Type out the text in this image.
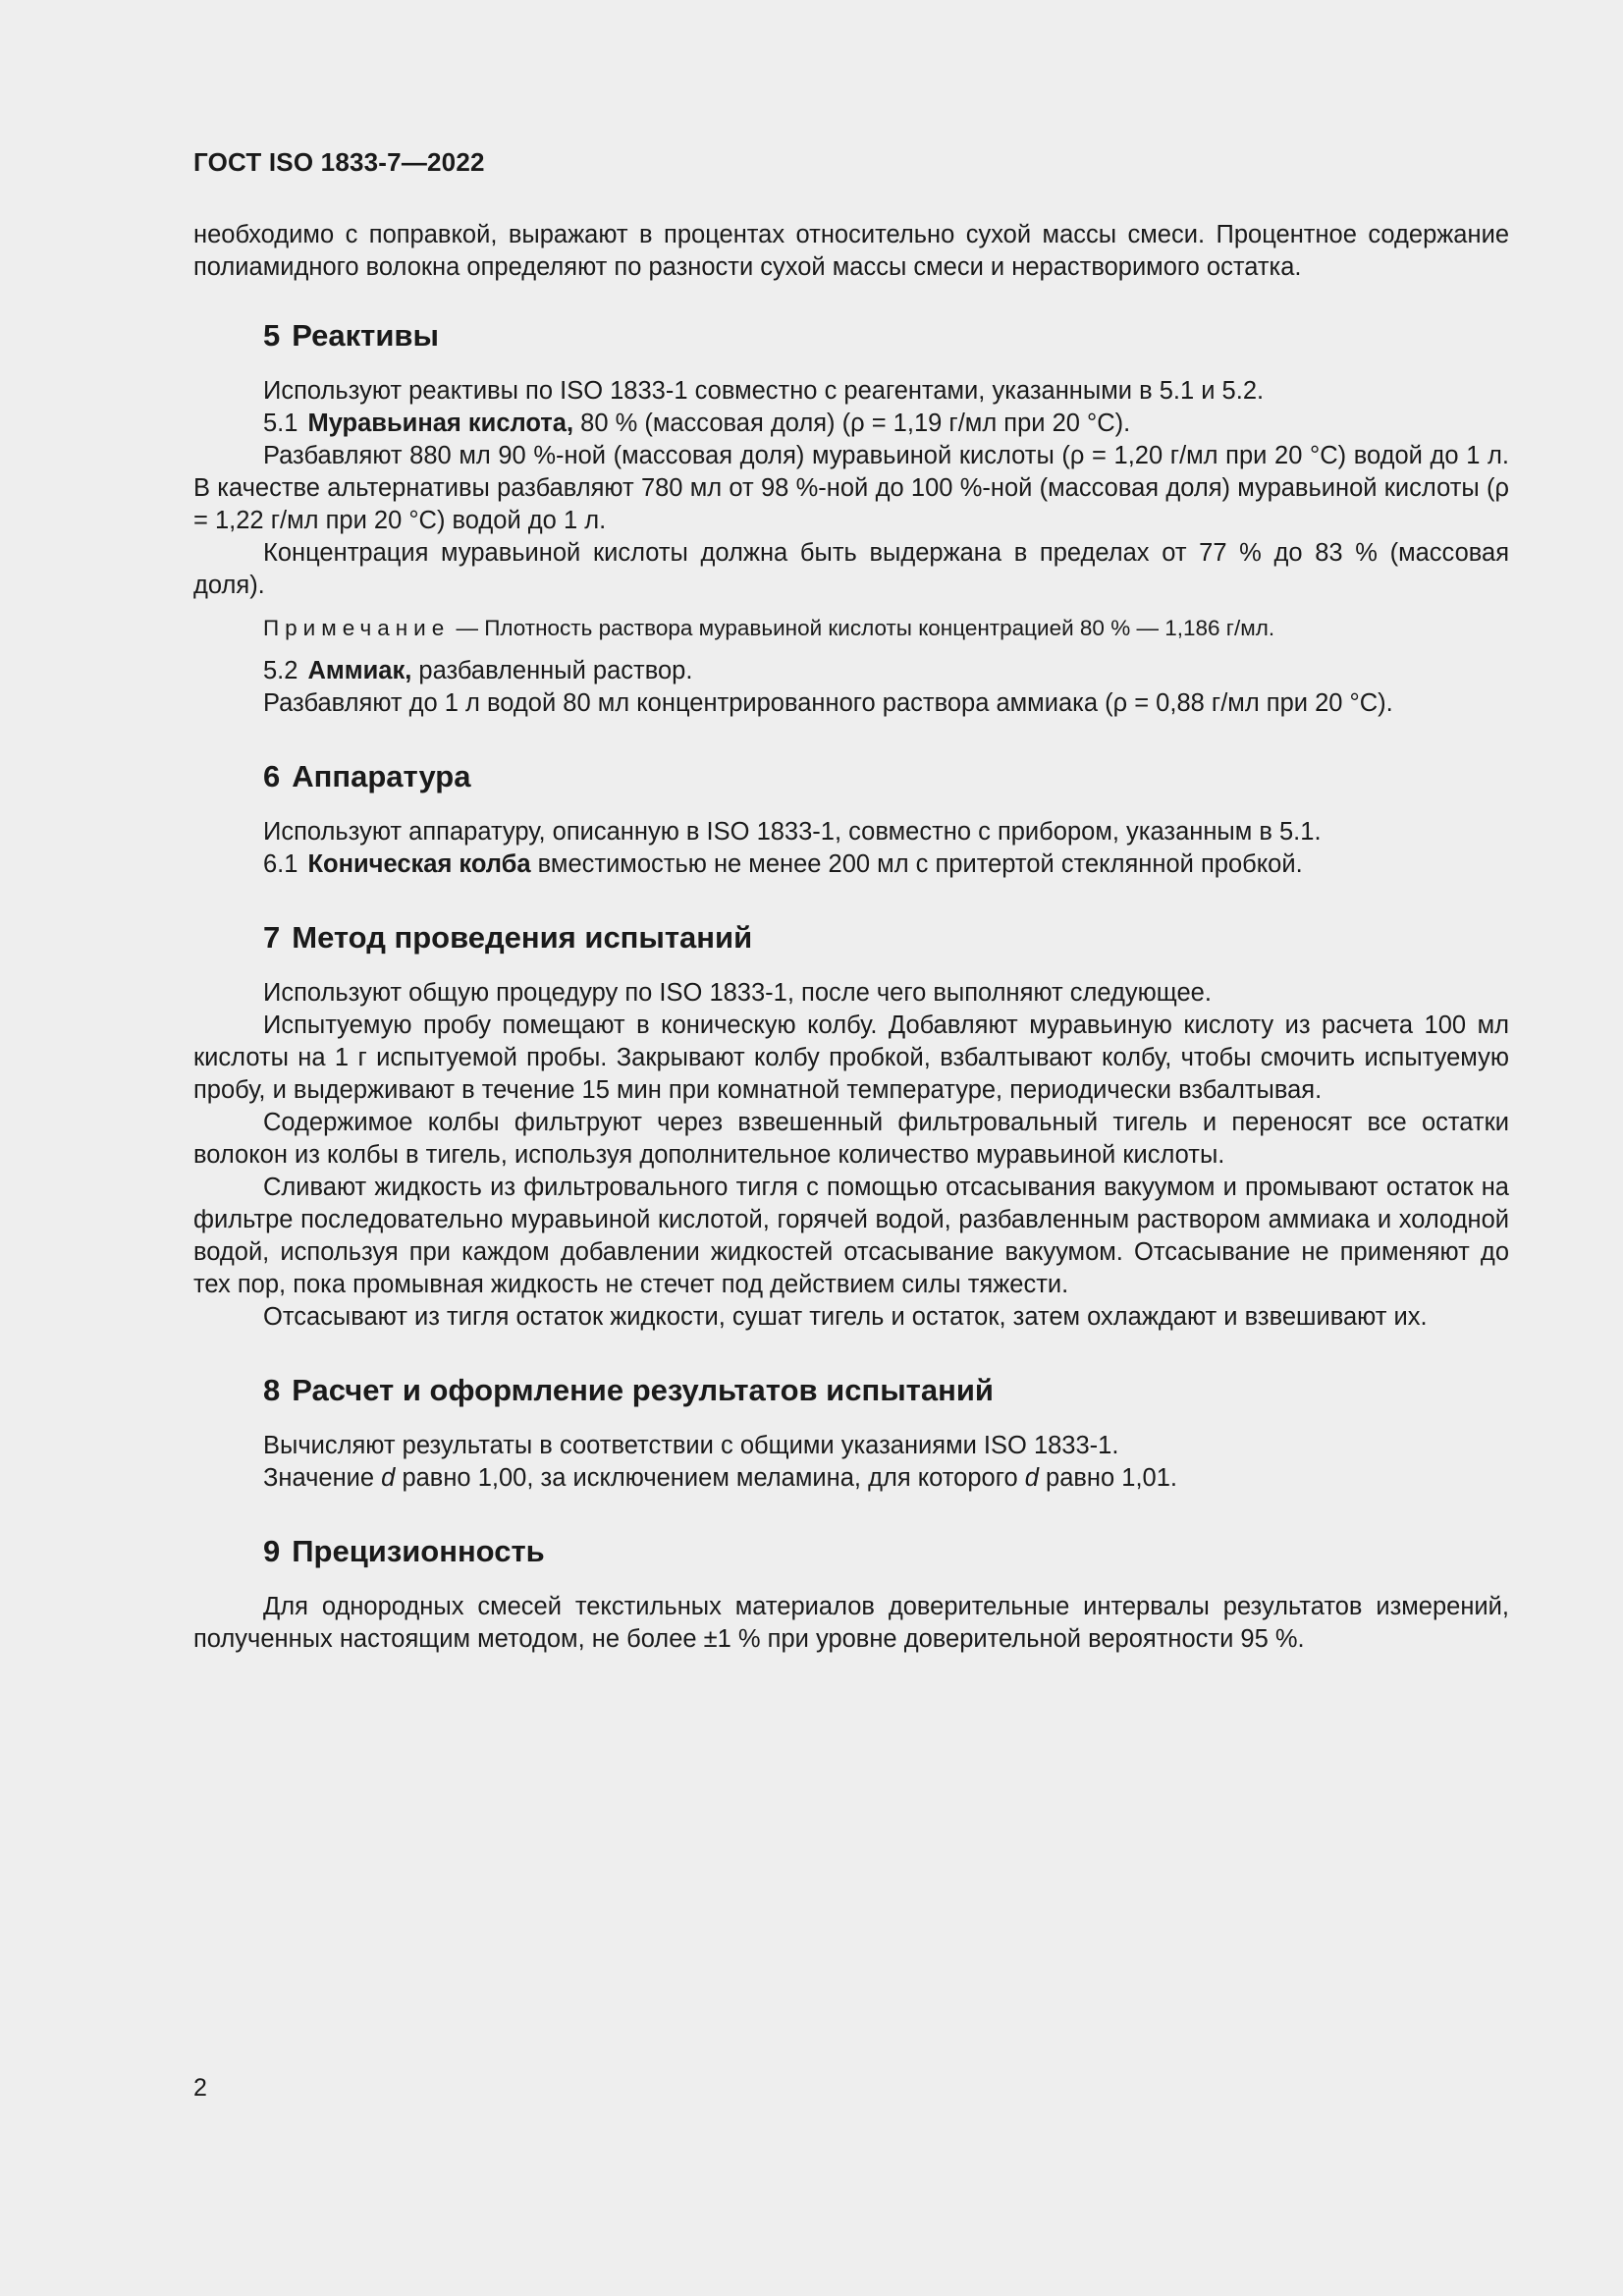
ГОСТ ISO 1833-7—2022

необходимо с поправкой, выражают в процентах относительно сухой массы смеси. Процентное содержание полиамидного волокна определяют по разности сухой массы смеси и нерастворимого остатка.

5 Реактивы

Используют реактивы по ISO 1833-1 совместно с реагентами, указанными в 5.1 и 5.2.

5.1 Муравьиная кислота, 80 % (массовая доля) (ρ = 1,19 г/мл при 20 °С).

Разбавляют 880 мл 90 %-ной (массовая доля) муравьиной кислоты (ρ = 1,20 г/мл при 20 °С) водой до 1 л. В качестве альтернативы разбавляют 780 мл от 98 %-ной до 100 %-ной (массовая доля) муравьиной кислоты (ρ = 1,22 г/мл при 20 °С) водой до 1 л.

Концентрация муравьиной кислоты должна быть выдержана в пределах от 77 % до 83 % (массовая доля).

Примечание — Плотность раствора муравьиной кислоты концентрацией 80 % — 1,186 г/мл.

5.2 Аммиак, разбавленный раствор.

Разбавляют до 1 л водой 80 мл концентрированного раствора аммиака (ρ = 0,88 г/мл при 20 °С).

6 Аппаратура

Используют аппаратуру, описанную в ISO 1833-1, совместно с прибором, указанным в 5.1.

6.1 Коническая колба вместимостью не менее 200 мл с притертой стеклянной пробкой.

7 Метод проведения испытаний

Используют общую процедуру по ISO 1833-1, после чего выполняют следующее.

Испытуемую пробу помещают в коническую колбу. Добавляют муравьиную кислоту из расчета 100 мл кислоты на 1 г испытуемой пробы. Закрывают колбу пробкой, взбалтывают колбу, чтобы смочить испытуемую пробу, и выдерживают в течение 15 мин при комнатной температуре, периодически взбалтывая.

Содержимое колбы фильтруют через взвешенный фильтровальный тигель и переносят все остатки волокон из колбы в тигель, используя дополнительное количество муравьиной кислоты.

Сливают жидкость из фильтровального тигля с помощью отсасывания вакуумом и промывают остаток на фильтре последовательно муравьиной кислотой, горячей водой, разбавленным раствором аммиака и холодной водой, используя при каждом добавлении жидкостей отсасывание вакуумом. Отсасывание не применяют до тех пор, пока промывная жидкость не стечет под действием силы тяжести.

Отсасывают из тигля остаток жидкости, сушат тигель и остаток, затем охлаждают и взвешивают их.

8 Расчет и оформление результатов испытаний

Вычисляют результаты в соответствии с общими указаниями ISO 1833-1.

Значение d равно 1,00, за исключением меламина, для которого d равно 1,01.

9 Прецизионность

Для однородных смесей текстильных материалов доверительные интервалы результатов измерений, полученных настоящим методом, не более ±1 % при уровне доверительной вероятности 95 %.

2
